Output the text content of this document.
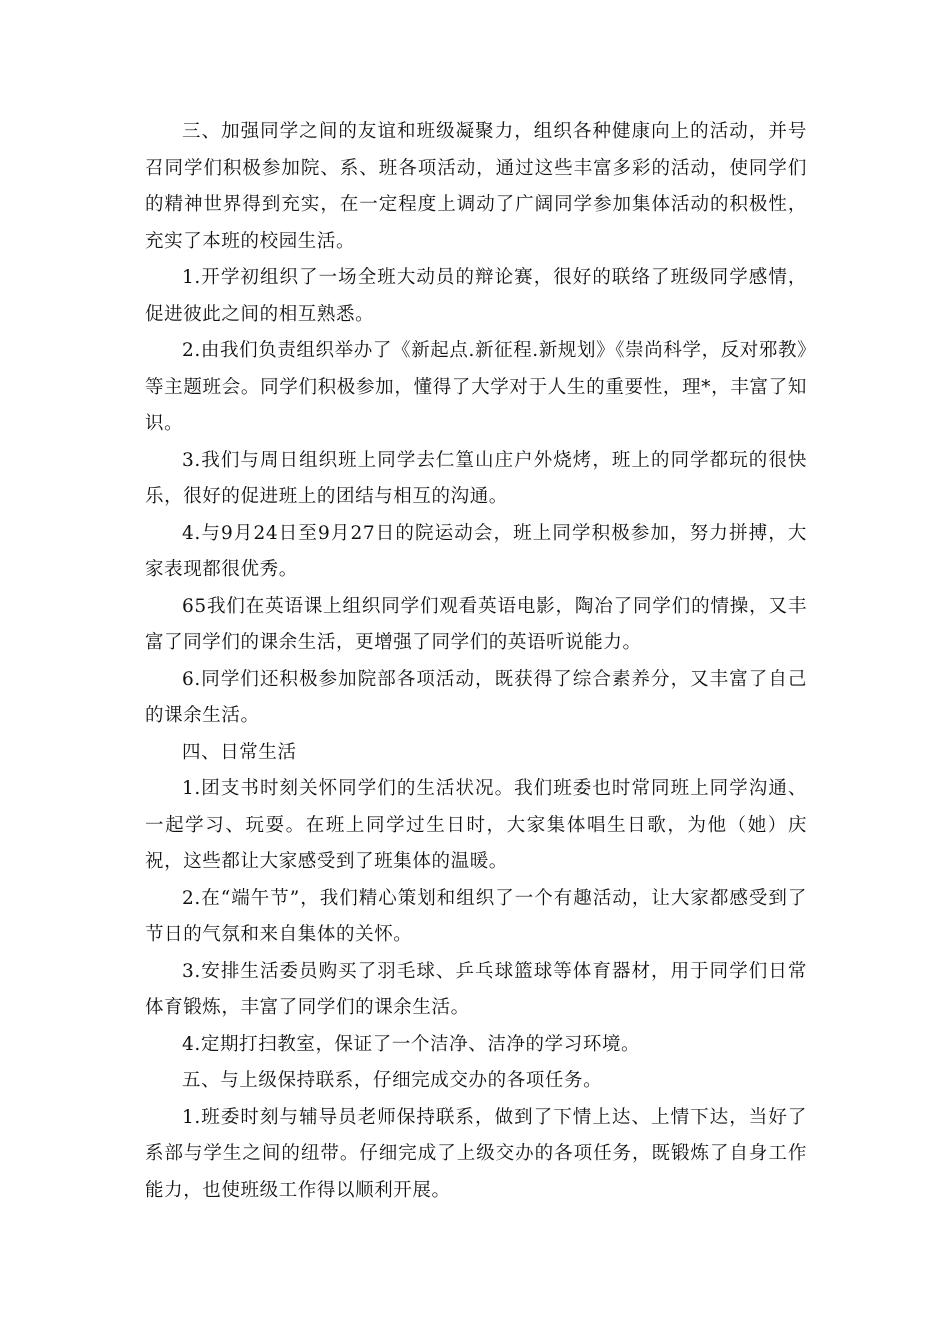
三、加强同学之间的友谊和班级凝聚力，组织各种健康向上的活动，并号召同学们积极参加院、系、班各项活动，通过这些丰富多彩的活动，使同学们的精神世界得到充实，在一定程度上调动了广阔同学参加集体活动的积极性，充实了本班的校园生活。

1.开学初组织了一场全班大动员的辩论赛，很好的联络了班级同学感情，促进彼此之间的相互熟悉。

2.由我们负责组织举办了《新起点.新征程.新规划》《崇尚科学，反对邪教》等主题班会。同学们积极参加，懂得了大学对于人生的重要性，理*，丰富了知识。

3.我们与周日组织班上同学去仁篁山庄户外烧烤，班上的同学都玩的很快乐，很好的促进班上的团结与相互的沟通。

4.与9月24日至9月27日的院运动会，班上同学积极参加，努力拼搏，大家表现都很优秀。

65我们在英语课上组织同学们观看英语电影，陶冶了同学们的情操，又丰富了同学们的课余生活，更增强了同学们的英语听说能力。

6.同学们还积极参加院部各项活动，既获得了综合素养分，又丰富了自己的课余生活。

四、日常生活

1.团支书时刻关怀同学们的生活状况。我们班委也时常同班上同学沟通、一起学习、玩耍。在班上同学过生日时，大家集体唱生日歌，为他（她）庆祝，这些都让大家感受到了班集体的温暖。

2.在“端午节”，我们精心策划和组织了一个有趣活动，让大家都感受到了节日的气氛和来自集体的关怀。

3.安排生活委员购买了羽毛球、乒乓球篮球等体育器材，用于同学们日常体育锻炼，丰富了同学们的课余生活。

4.定期打扫教室，保证了一个洁净、洁净的学习环境。

五、与上级保持联系，仔细完成交办的各项任务。

1.班委时刻与辅导员老师保持联系，做到了下情上达、上情下达，当好了系部与学生之间的纽带。仔细完成了上级交办的各项任务，既锻炼了自身工作能力，也使班级工作得以顺利开展。
